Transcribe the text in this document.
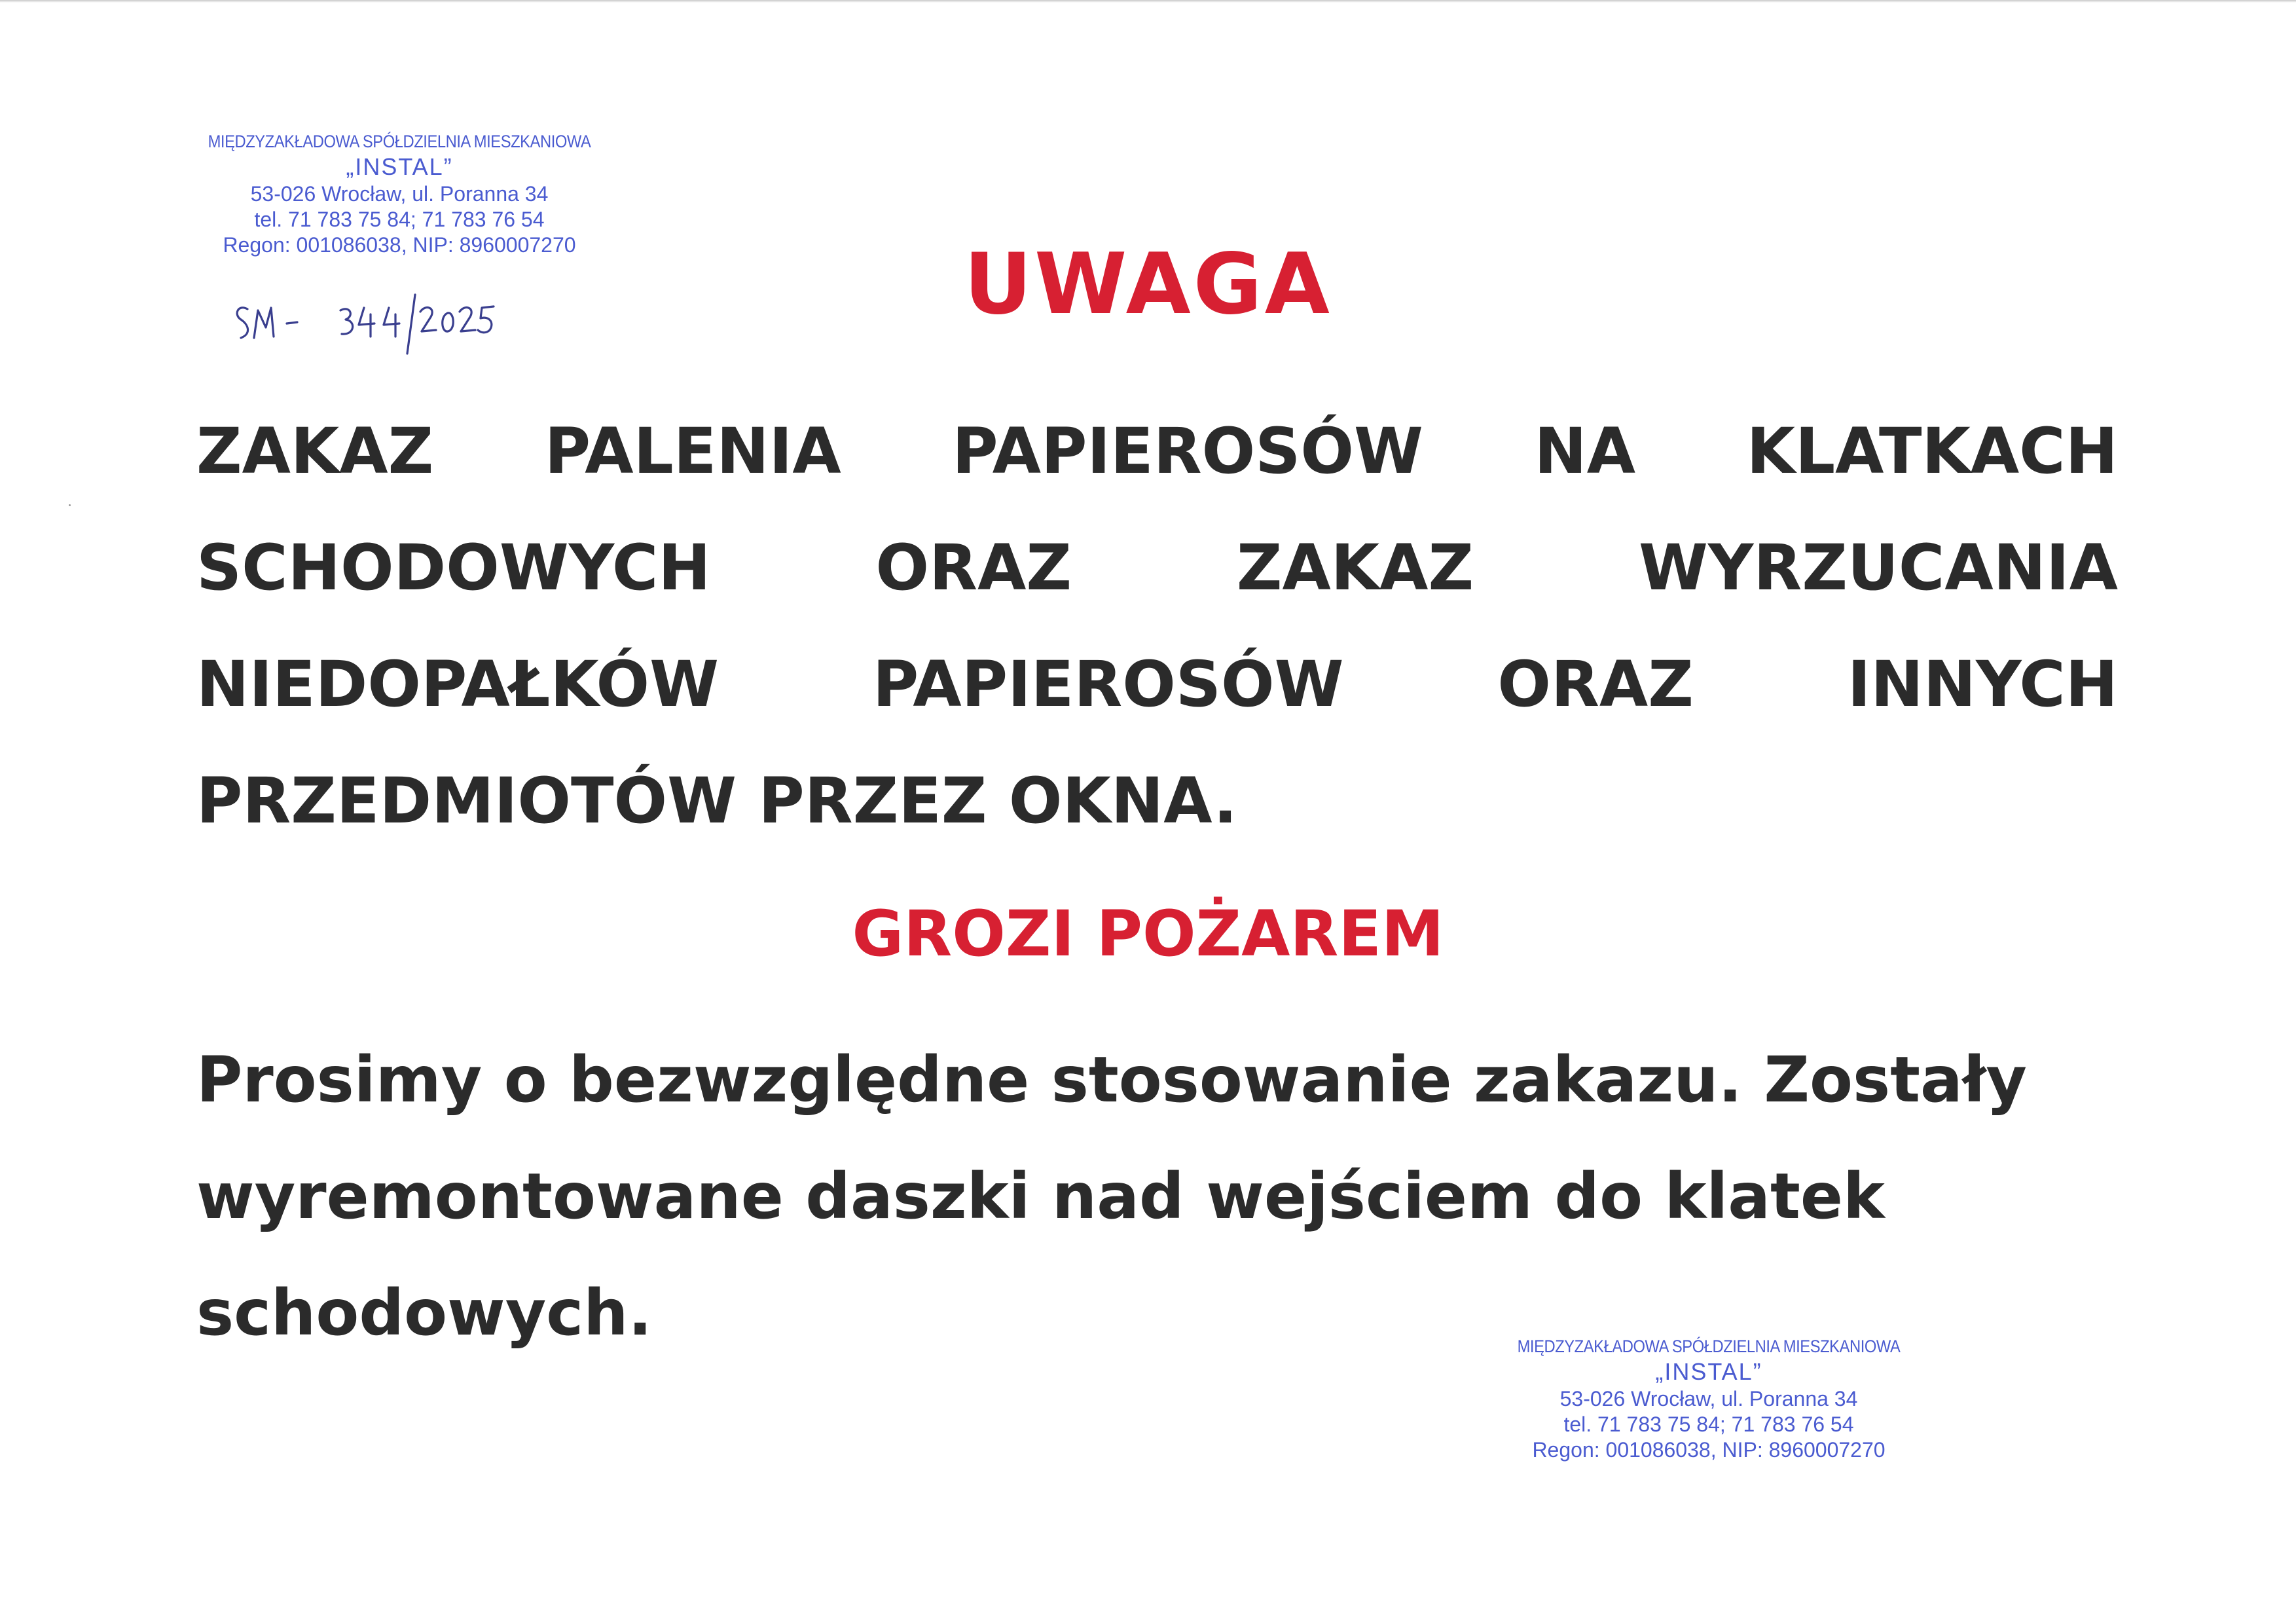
MIĘDZYZAKŁADOWA SPÓŁDZIELNIA MIESZKANIOWA
„INSTAL”
53-026 Wrocław, ul. Poranna 34
tel. 71 783 75 84; 71 783 76 54
Regon: 001086038, NIP: 8960007270	UWAGA
ZAKAZ PALENIA PAPIEROSÓW NA KLATKACH
SCHODOWYCH	ORAZ	ZAKAZ	WYRZUCANIA
NIEDOPAŁKÓW PAPIEROSÓW ORAZ INNYCH
PRZEDMIOTÓW PRZEZ OKNA.
GROZI POŻAREM
Prosimy o bezwzględne stosowanie zakazu. Zostały
wyremontowane daszki nad wejściem do klatek
schodowych.	MIĘDZYZAKŁADOWA SPÓŁDZIELNIA MIESZKANIOWA
„INSTAL”
53-026 Wrocław, ul. Poranna 34
tel. 71 783 75 84; 71 783 76 54
Regon: 001086038, NIP: 8960007270
